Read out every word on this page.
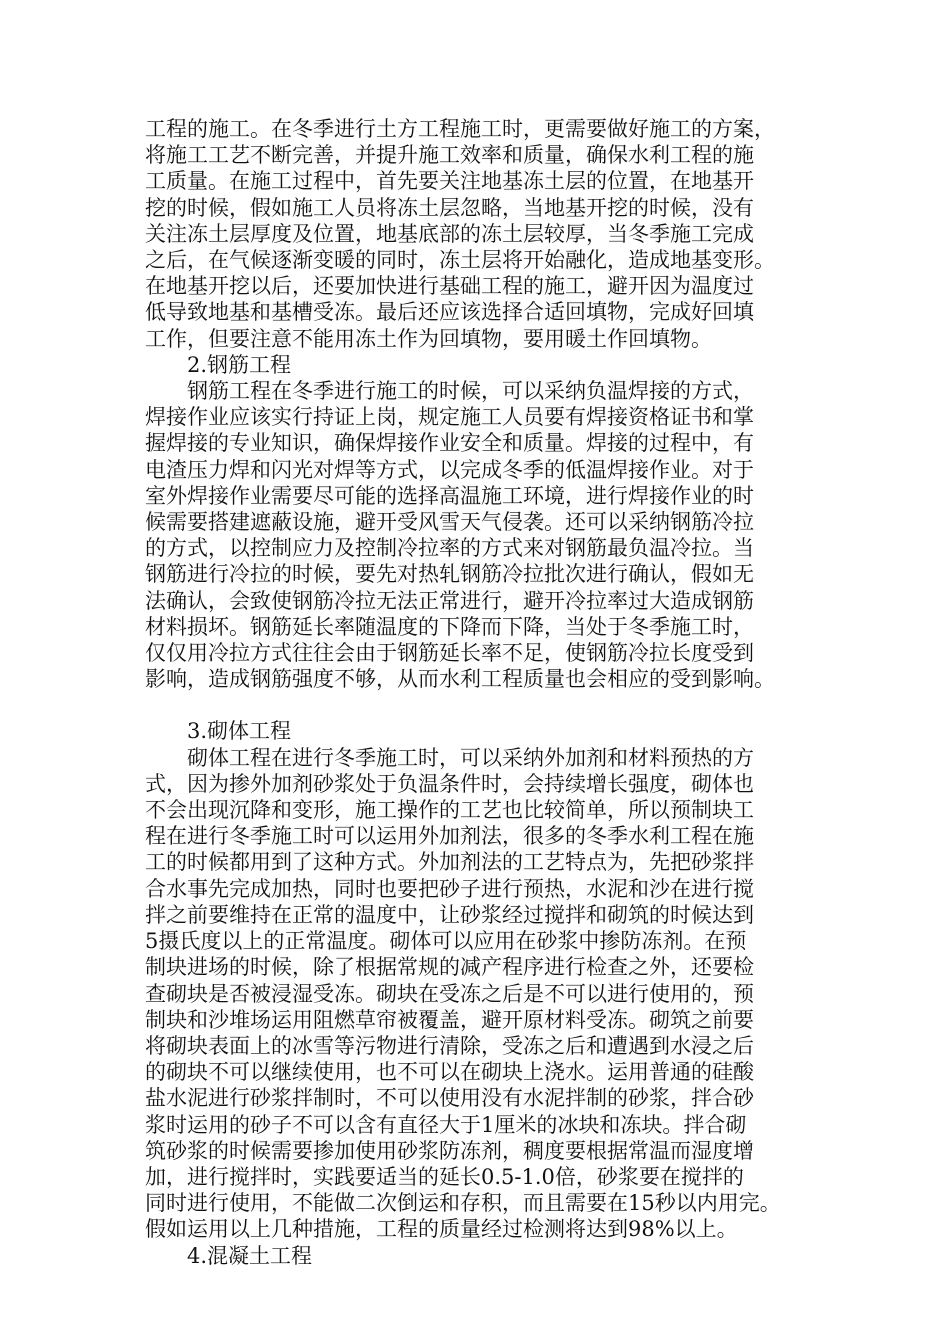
工程的施工。在冬季进行土方工程施工时，更需要做好施工的方案，
将施工工艺不断完善，并提升施工效率和质量，确保水利工程的施
工质量。在施工过程中，首先要关注地基冻土层的位置，在地基开
挖的时候，假如施工人员将冻土层忽略，当地基开挖的时候，没有
关注冻土层厚度及位置，地基底部的冻土层较厚，当冬季施工完成
之后，在气候逐渐变暖的同时，冻土层将开始融化，造成地基变形。
在地基开挖以后，还要加快进行基础工程的施工，避开因为温度过
低导致地基和基槽受冻。最后还应该选择合适回填物，完成好回填
工作，但要注意不能用冻土作为回填物，要用暖土作回填物。
2.钢筋工程
　　钢筋工程在冬季进行施工的时候，可以采纳负温焊接的方式，
焊接作业应该实行持证上岗，规定施工人员要有焊接资格证书和掌
握焊接的专业知识，确保焊接作业安全和质量。焊接的过程中，有
电渣压力焊和闪光对焊等方式，以完成冬季的低温焊接作业。对于
室外焊接作业需要尽可能的选择高温施工环境，进行焊接作业的时
候需要搭建遮蔽设施，避开受风雪天气侵袭。还可以采纳钢筋冷拉
的方式，以控制应力及控制冷拉率的方式来对钢筋最负温冷拉。当
钢筋进行冷拉的时候，要先对热轧钢筋冷拉批次进行确认，假如无
法确认，会致使钢筋冷拉无法正常进行，避开冷拉率过大造成钢筋
材料损坏。钢筋延长率随温度的下降而下降，当处于冬季施工时，
仅仅用冷拉方式往往会由于钢筋延长率不足，使钢筋冷拉长度受到
影响，造成钢筋强度不够，从而水利工程质量也会相应的受到影响。
3.砌体工程
　　砌体工程在进行冬季施工时，可以采纳外加剂和材料预热的方
式，因为掺外加剂砂浆处于负温条件时，会持续增长强度，砌体也
不会出现沉降和变形，施工操作的工艺也比较简单，所以预制块工
程在进行冬季施工时可以运用外加剂法，很多的冬季水利工程在施
工的时候都用到了这种方式。外加剂法的工艺特点为，先把砂浆拌
合水事先完成加热，同时也要把砂子进行预热，水泥和沙在进行搅
拌之前要维持在正常的温度中，让砂浆经过搅拌和砌筑的时候达到
5摄氏度以上的正常温度。砌体可以应用在砂浆中掺防冻剂。在预
制块进场的时候，除了根据常规的减产程序进行检查之外，还要检
查砌块是否被浸湿受冻。砌块在受冻之后是不可以进行使用的，预
制块和沙堆场运用阻燃草帘被覆盖，避开原材料受冻。砌筑之前要
将砌块表面上的冰雪等污物进行清除，受冻之后和遭遇到水浸之后
的砌块不可以继续使用，也不可以在砌块上浇水。运用普通的硅酸
盐水泥进行砂浆拌制时，不可以使用没有水泥拌制的砂浆，拌合砂
浆时运用的砂子不可以含有直径大于1厘米的冰块和冻块。拌合砌
筑砂浆的时候需要掺加使用砂浆防冻剂，稠度要根据常温而湿度增
加，进行搅拌时，实践要适当的延长0.5-1.0倍，砂浆要在搅拌的
同时进行使用，不能做二次倒运和存积，而且需要在15秒以内用完。
假如运用以上几种措施，工程的质量经过检测将达到98%以上。
4.混凝土工程
